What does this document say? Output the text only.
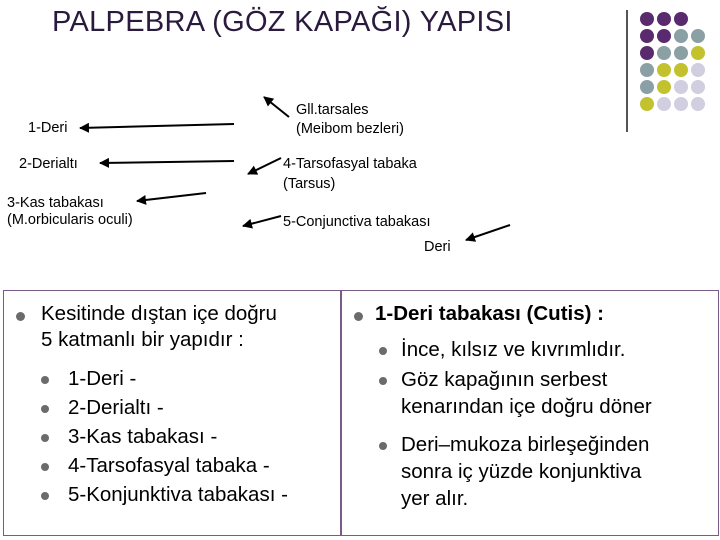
PALPEBRA (GÖZ KAPAĞI) YAPISI
1-Deri
Gll.tarsales
(Meibom bezleri)
2-Derialtı	4-Tarsofasyal tabaka
(Tarsus)
3-Kas tabakası
(M.orbicularis oculi)	5-Conjunctiva tabakası
Deri
Kesitinde dıştan içe doğru
5 katmanlı bir yapıdır :
1-Deri -
2-Derialtı -
3-Kas tabakası -
4-Tarsofasyal tabaka -
5-Konjunktiva tabakası -
1-Deri tabakası (Cutis) :
İnce, kılsız ve kıvrımlıdır.
Göz kapağının serbest
kenarından içe doğru döner
Deri–mukoza birleşeğinden
sonra iç yüzde konjunktiva
yer alır.
